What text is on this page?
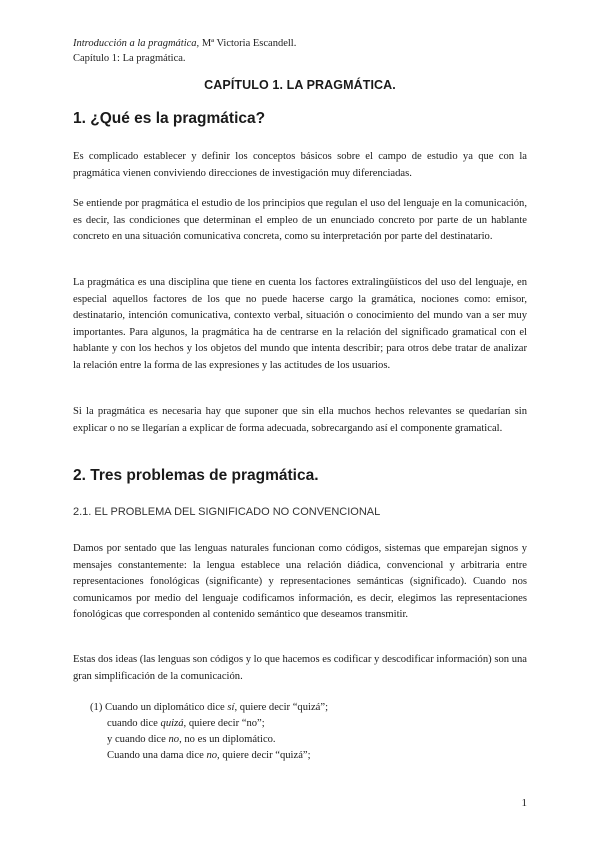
Introducción a la pragmática, Mª Victoria Escandell.
Capítulo 1: La pragmática.
CAPÍTULO 1. LA PRAGMÁTICA.
1. ¿Qué es la pragmática?

Es complicado establecer y definir los conceptos básicos sobre el campo de estudio ya que con la pragmática vienen conviviendo direcciones de investigación muy diferenciadas.

Se entiende por pragmática el estudio de los principios que regulan el uso del lenguaje en la comunicación, es decir, las condiciones que determinan el empleo de un enunciado concreto por parte de un hablante concreto en una situación comunicativa concreta, como su interpretación por parte del destinatario.

La pragmática es una disciplina que tiene en cuenta los factores extralingüísticos del uso del lenguaje, en especial aquellos factores de los que no puede hacerse cargo la gramática, nociones como: emisor, destinatario, intención comunicativa, contexto verbal, situación o conocimiento del mundo van a ser muy importantes. Para algunos, la pragmática ha de centrarse en la relación del significado gramatical con el hablante y con los hechos y los objetos del mundo que intenta describir; para otros debe tratar de analizar la relación entre la forma de las expresiones y las actitudes de los usuarios.

Si la pragmática es necesaria hay que suponer que sin ella muchos hechos relevantes se quedarían sin explicar o no se llegarían a explicar de forma adecuada, sobrecargando así el componente gramatical.

2. Tres problemas de pragmática.
2.1. EL PROBLEMA DEL SIGNIFICADO NO CONVENCIONAL

Damos por sentado que las lenguas naturales funcionan como códigos, sistemas que emparejan signos y mensajes constantemente: la lengua establece una relación diádica, convencional y arbitraria entre representaciones fonológicas (significante) y representaciones semánticas (significado). Cuando nos comunicamos por medio del lenguaje codificamos información, es decir, elegimos las representaciones fonológicas que corresponden al contenido semántico que deseamos transmitir.

Estas dos ideas (las lenguas son códigos y lo que hacemos es codificar y descodificar información) son una gran simplificación de la comunicación.

(1) Cuando un diplomático dice sí, quiere decir “quizá”;
cuando dice quizá, quiere decir “no”;
y cuando dice no, no es un diplomático.
Cuando una dama dice no, quiere decir “quizá”;
1
